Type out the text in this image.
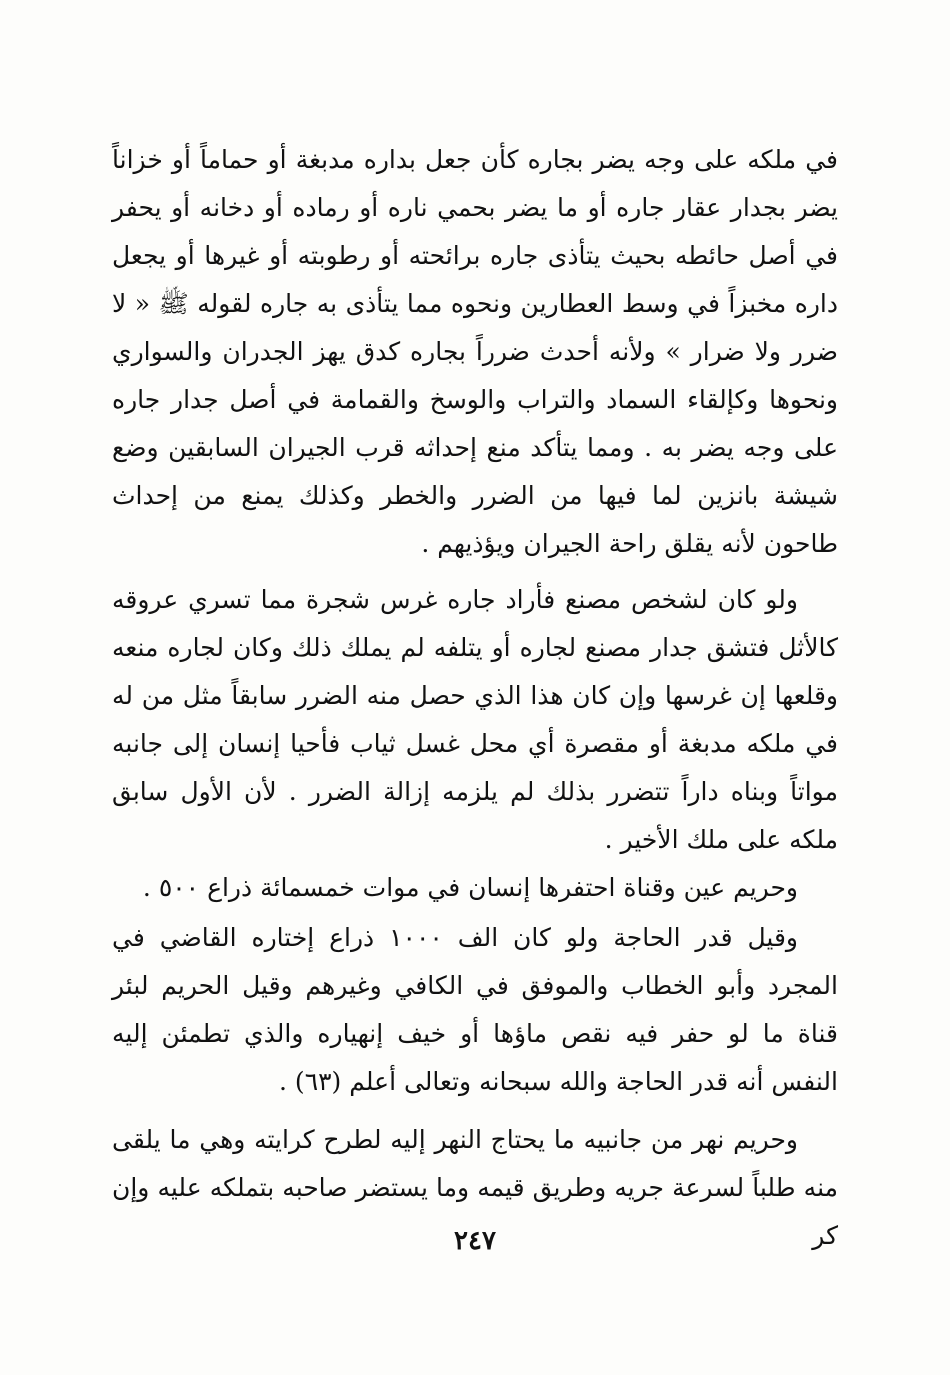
في ملكه على وجه يضر بجاره كأن جعل بداره مدبغة أو حماماً أو خزاناً يضر بجدار عقار جاره أو ما يضر بحمي ناره أو رماده أو دخانه أو يحفر في أصل حائطه بحيث يتأذى جاره برائحته أو رطوبته أو غيرها أو يجعل داره مخبزاً في وسط العطارين ونحوه مما يتأذى به جاره لقوله ﷺ « لا ضرر ولا ضرار » ولأنه أحدث ضرراً بجاره كدق يهز الجدران والسواري ونحوها وكإلقاء السماد والتراب والوسخ والقمامة في أصل جدار جاره على وجه يضر به . ومما يتأكد منع إحداثه قرب الجيران السابقين وضع شيشة بانزين لما فيها من الضرر والخطر وكذلك يمنع من إحداث طاحون لأنه يقلق راحة الجيران ويؤذيهم .

ولو كان لشخص مصنع فأراد جاره غرس شجرة مما تسري عروقه كالأثل فتشق جدار مصنع لجاره أو يتلفه لم يملك ذلك وكان لجاره منعه وقلعها إن غرسها وإن كان هذا الذي حصل منه الضرر سابقاً مثل من له في ملكه مدبغة أو مقصرة أي محل غسل ثياب فأحيا إنسان إلى جانبه مواتاً وبناه داراً تتضرر بذلك لم يلزمه إزالة الضرر . لأن الأول سابق ملكه على ملك الأخير .

وحريم عين وقناة احتفرها إنسان في موات خمسمائة ذراع ٥٠٠ .

وقيل قدر الحاجة ولو كان الف ١٠٠٠ ذراع إختاره القاضي في المجرد وأبو الخطاب والموفق في الكافي وغيرهم وقيل الحريم لبئر قناة ما لو حفر فيه نقص ماؤها أو خيف إنهياره والذي تطمئن إليه النفس أنه قدر الحاجة والله سبحانه وتعالى أعلم (٦٣) .

وحريم نهر من جانبيه ما يحتاج النهر إليه لطرح كرايته وهي ما يلقى منه طلباً لسرعة جريه وطريق قيمه وما يستضر صاحبه بتملكه عليه وإن كر

٢٤٧
